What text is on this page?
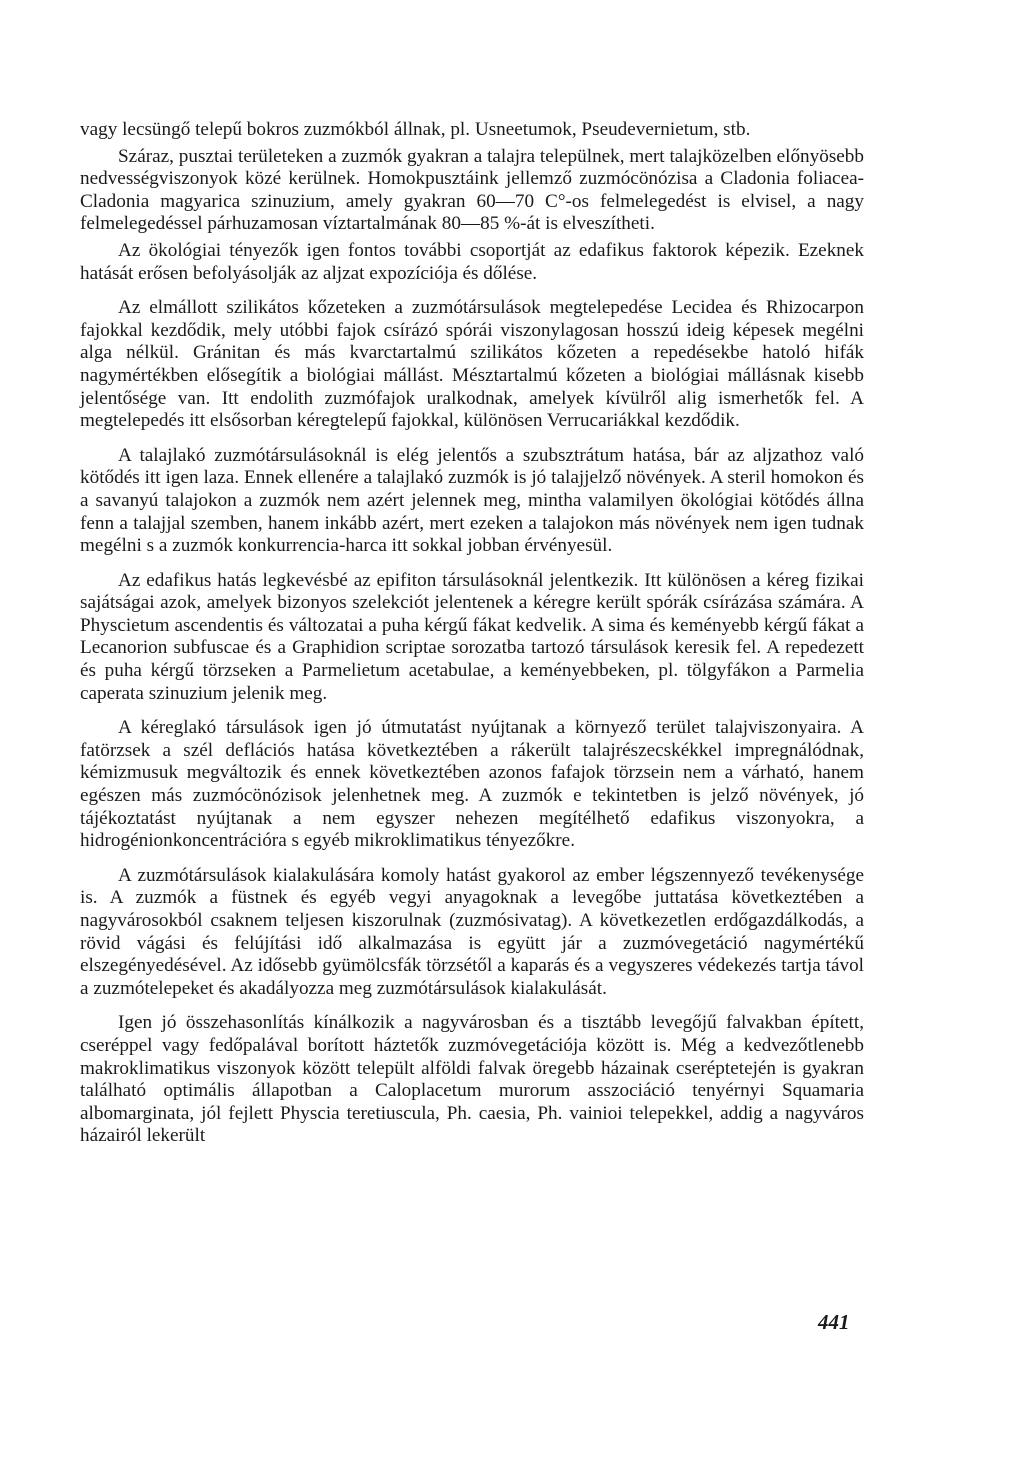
vagy lecsüngő telepű bokros zuzmókból állnak, pl. Usneetumok, Pseudevernietum, stb.

Száraz, pusztai területeken a zuzmók gyakran a talajra települnek, mert talajközelben előnyösebb nedvességviszonyok közé kerülnek. Homokpusztáink jellemző zuzmócönózisa a Cladonia foliacea-Cladonia magyarica szinuzium, amely gyakran 60—70 C°-os felmelegedést is elvisel, a nagy felmelegedéssel párhuzamosan víztartalmának 80—85 %-át is elveszítheti.

Az ökológiai tényezők igen fontos további csoportját az edafikus faktorok képezik. Ezeknek hatását erősen befolyásolják az aljzat expozíciója és dőlése.

Az elmállott szilikátos kőzeteken a zuzmótársulások megtelepedése Lecidea és Rhizocarpon fajokkal kezdődik, mely utóbbi fajok csírázó spórái viszonylagosan hosszú ideig képesek megélni alga nélkül. Gránitan és más kvarctartalmú szilikátos kőzeten a repedésekbe hatoló hifák nagymértékben elősegítik a biológiai mállást. Mésztartalmú kőzeten a biológiai mállásnak kisebb jelentősége van. Itt endolith zuzmófajok uralkodnak, amelyek kívülről alig ismerhetők fel. A megtelepedés itt elsősorban kéregtelepű fajokkal, különösen Verrucariákkal kezdődik.

A talajlakó zuzmótársulásoknál is elég jelentős a szubsztrátum hatása, bár az aljzathoz való kötődés itt igen laza. Ennek ellenére a talajlakó zuzmók is jó talajjelző növények. A steril homokon és a savanyú talajokon a zuzmók nem azért jelennek meg, mintha valamilyen ökológiai kötődés állna fenn a talajjal szemben, hanem inkább azért, mert ezeken a talajokon más növények nem igen tudnak megélni s a zuzmók konkurrencia-harca itt sokkal jobban érvényesül.

Az edafikus hatás legkevésbé az epifiton társulásoknál jelentkezik. Itt különösen a kéreg fizikai sajátságai azok, amelyek bizonyos szelekciót jelentenek a kéregre került spórák csírázása számára. A Physcietum ascendentis és változatai a puha kérgű fákat kedvelik. A sima és keményebb kérgű fákat a Lecanorion subfuscae és a Graphidion scriptae sorozatba tartozó társulások keresik fel. A repedezett és puha kérgű törzseken a Parmelietum acetabulae, a keményebbeken, pl. tölgyfákon a Parmelia caperata szinuzium jelenik meg.

A kéreglakó társulások igen jó útmutatást nyújtanak a környező terület talajviszonyaira. A fatörzsek a szél deflációs hatása következtében a rákerült talajrészecskékkel impregnálódnak, kémizmusuk megváltozik és ennek következtében azonos fafajok törzsein nem a várható, hanem egészen más zuzmócönózisok jelenhetnek meg. A zuzmók e tekintetben is jelző növények, jó tájékoztatást nyújtanak a nem egyszer nehezen megítélhető edafikus viszonyokra, a hidrogénionkoncentrációra s egyéb mikroklimatikus tényezőkre.

A zuzmótársulások kialakulására komoly hatást gyakorol az ember légszennyező tevékenysége is. A zuzmók a füstnek és egyéb vegyi anyagoknak a levegőbe juttatása következtében a nagyvárosokból csaknem teljesen kiszorulnak (zuzmósivatag). A következetlen erdőgazdálkodás, a rövid vágási és felújítási idő alkalmazása is együtt jár a zuzmóvegetáció nagymértékű elszegényedésével. Az idősebb gyümölcsfák törzsétől a kaparás és a vegyszeres védekezés tartja távol a zuzmótelepeket és akadályozza meg zuzmótársulások kialakulását.

Igen jó összehasonlítás kínálkozik a nagyvárosban és a tisztább levegőjű falvakban épített, cseréppel vagy fedőpalával borított háztetők zuzmóvegetációja között is. Még a kedvezőtlenebb makroklimatikus viszonyok között települt alföldi falvak öregebb házainak cseréptetején is gyakran található optimális állapotban a Caloplacetum murorum asszociáció tenyérnyi Squamaria albomarginata, jól fejlett Physcia teretiuscula, Ph. caesia, Ph. vainioi telepekkel, addig a nagyváros házairól lekerült

441
